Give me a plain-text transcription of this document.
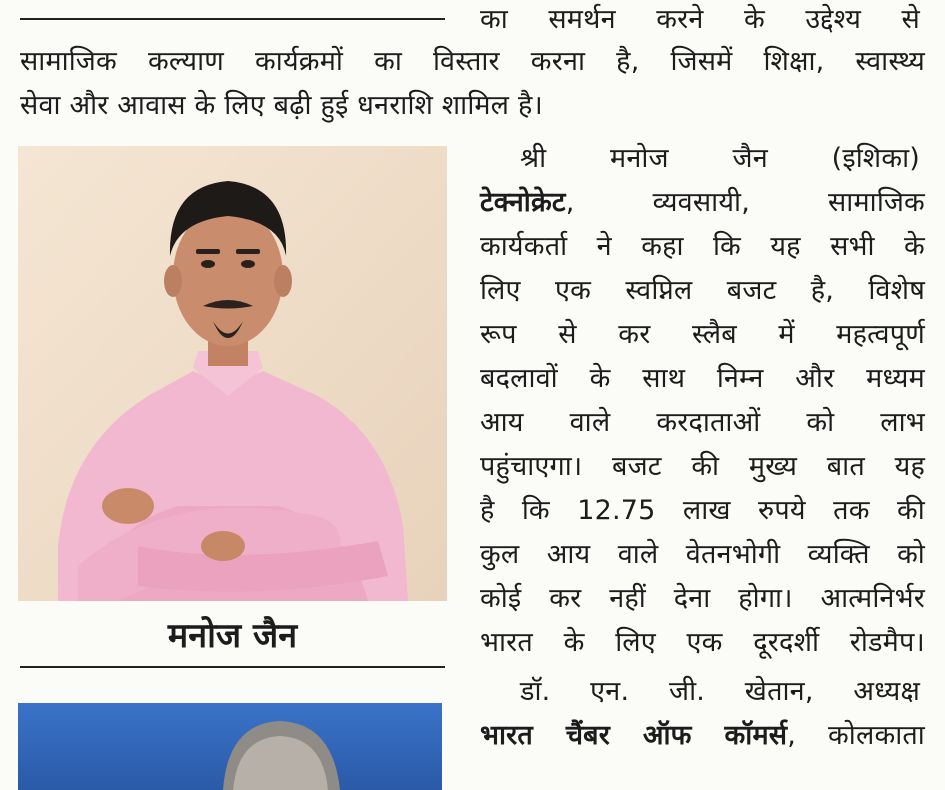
का समर्थन करने के उद्देश्य से
सामाजिक कल्याण कार्यक्रमों का विस्तार करना है, जिसमें शिक्षा, स्वास्थ्य
सेवा और आवास के लिए बढ़ी हुई धनराशि शामिल है।
मनोज जैन
श्री मनोज जैन (इशिका)
टेक्नोक्रेट, व्यवसायी, सामाजिक
कार्यकर्ता ने कहा कि यह सभी के
लिए एक स्वप्निल बजट है, विशेष
रूप से कर स्लैब में महत्वपूर्ण
बदलावों के साथ निम्न और मध्यम
आय वाले करदाताओं को लाभ
पहुंचाएगा। बजट की मुख्य बात यह
है कि 12.75 लाख रुपये तक की
कुल आय वाले वेतनभोगी व्यक्ति को
कोई कर नहीं देना होगा। आत्मनिर्भर
भारत के लिए एक दूरदर्शी रोडमैप।
डॉ. एन. जी. खेतान, अध्यक्ष
भारत चैंबर ऑफ कॉमर्स, कोलकाता
